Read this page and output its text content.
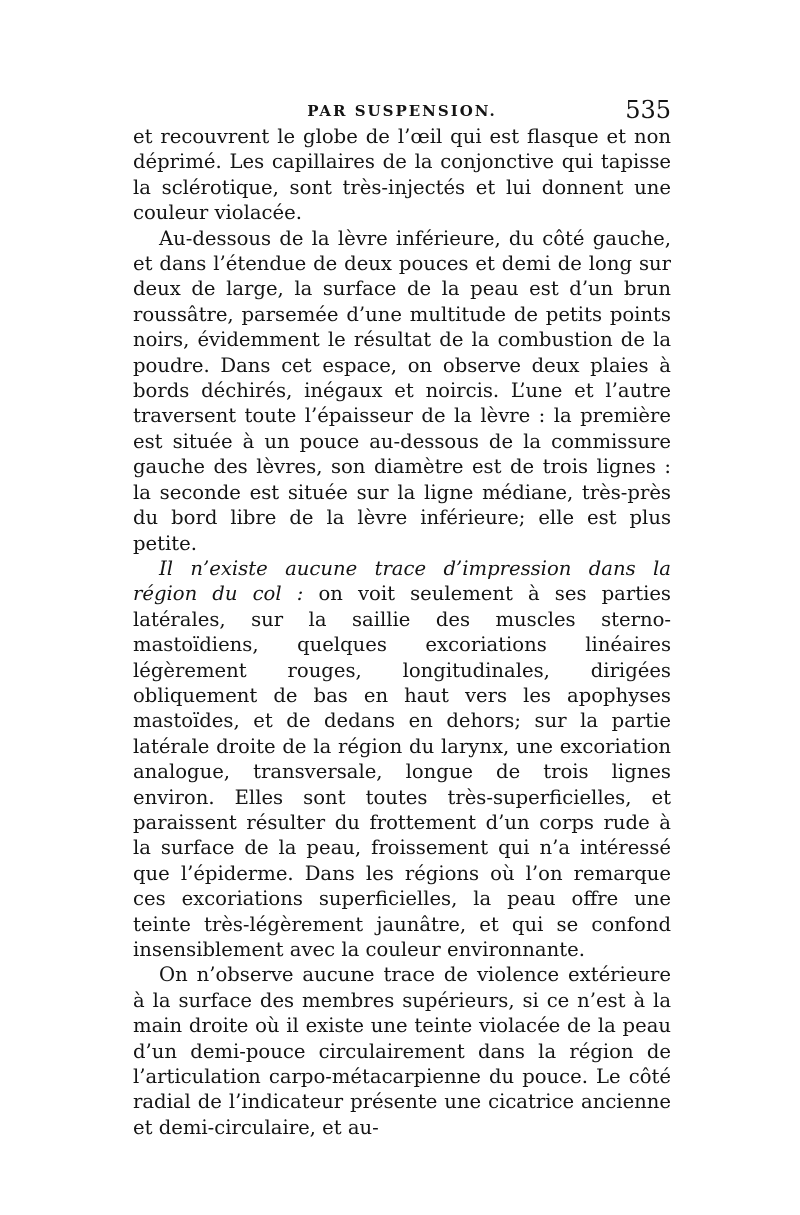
PAR SUSPENSION.	535

et recouvrent le globe de l’œil qui est flasque et non déprimé. Les capillaires de la conjonctive qui tapisse la sclérotique, sont très-injectés et lui donnent une couleur violacée.

Au-dessous de la lèvre inférieure, du côté gauche, et dans l’étendue de deux pouces et demi de long sur deux de large, la surface de la peau est d’un brun roussâtre, parsemée d’une multitude de petits points noirs, évidemment le résultat de la combustion de la poudre. Dans cet espace, on observe deux plaies à bords déchirés, inégaux et noircis. L’une et l’autre traversent toute l’épaisseur de la lèvre : la première est située à un pouce au-dessous de la commissure gauche des lèvres, son diamètre est de trois lignes : la seconde est située sur la ligne médiane, très-près du bord libre de la lèvre inférieure; elle est plus petite.

Il n’existe aucune trace d’impression dans la région du col : on voit seulement à ses parties latérales, sur la saillie des muscles sterno-mastoïdiens, quelques excoriations linéaires légèrement rouges, longitudinales, dirigées obliquement de bas en haut vers les apophyses mastoïdes, et de dedans en dehors; sur la partie latérale droite de la région du larynx, une excoriation analogue, transversale, longue de trois lignes environ. Elles sont toutes très-superficielles, et paraissent résulter du frottement d’un corps rude à la surface de la peau, froissement qui n’a intéressé que l’épiderme. Dans les régions où l’on remarque ces excoriations superficielles, la peau offre une teinte très-légèrement jaunâtre, et qui se confond insensiblement avec la couleur environnante.

On n’observe aucune trace de violence extérieure à la surface des membres supérieurs, si ce n’est à la main droite où il existe une teinte violacée de la peau d’un demi-pouce circulairement dans la région de l’articulation carpo-métacarpienne du pouce. Le côté radial de l’indicateur présente une cicatrice ancienne et demi-circulaire, et au-
